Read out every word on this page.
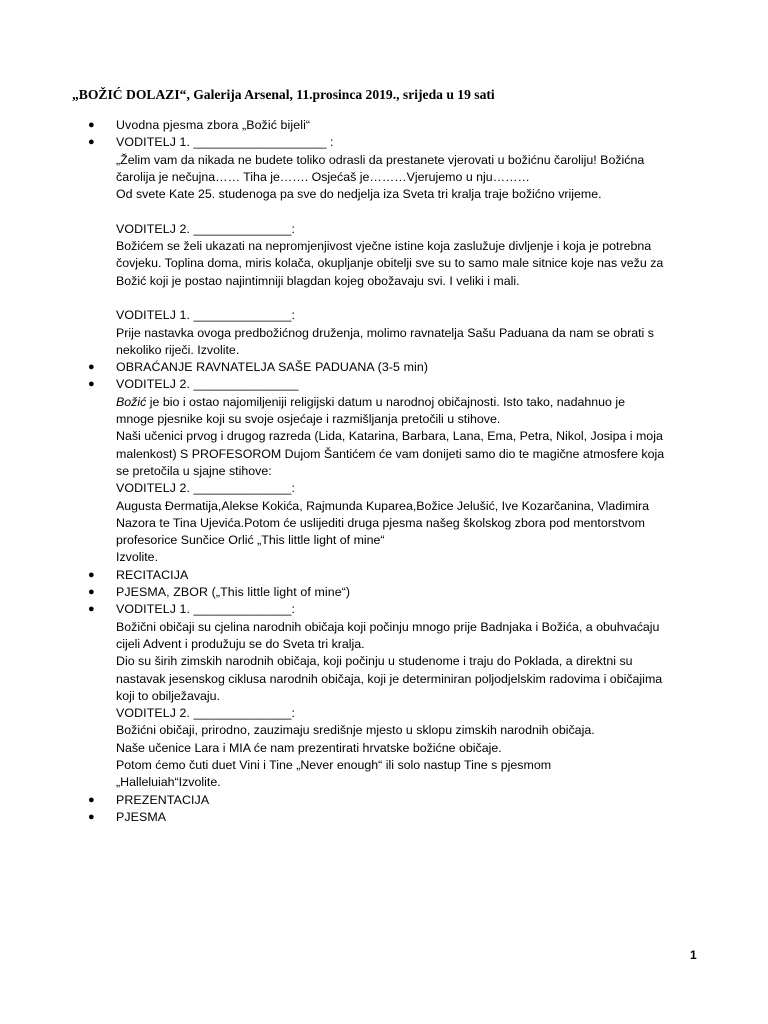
„BOŽIĆ DOLAZI“, Galerija Arsenal, 11.prosinca 2019., srijeda u 19 sati
● Uvodna pjesma zbora „Božić bijeli“
● VODITELJ 1. ___________________ :
„Želim vam da nikada ne budete toliko odrasli da prestanete vjerovati u božićnu čaroliju! Božićna
čarolija je nečujna…… Tiha je……. Osjećaš je………Vjerujemo u nju………
Od svete Kate 25. studenoga pa sve do nedjelja iza Sveta tri kralja traje božićno vrijeme.
VODITELJ 2. ______________:
Božićem se želi ukazati na nepromjenjivost vječne istine koja zaslužuje divljenje i koja je potrebna
čovjeku. Toplina doma, miris kolača, okupljanje obitelji sve su to samo male sitnice koje nas vežu za
Božić koji je postao najintimniji blagdan kojeg obožavaju svi. I veliki i mali.
VODITELJ 1. ______________:
Prije nastavka ovoga predbožićnog druženja, molimo ravnatelja Sašu Paduana da nam se obrati s
nekoliko riječi. Izvolite.
● OBRAĆANJE RAVNATELJA SAŠE PADUANA (3-5 min)
● VODITELJ 2. _______________
Božić je bio i ostao najomiljeniji religijski datum u narodnoj običajnosti. Isto tako, nadahnuo je
mnoge pjesnike koji su svoje osjećaje i razmišljanja pretočili u stihove.
Naši učenici prvog i drugog razreda (Lida, Katarina, Barbara, Lana, Ema, Petra, Nikol, Josipa i moja
malenkost) S PROFESOROM Dujom Šantićem će vam donijeti samo dio te magične atmosfere koja
se pretočila u sjajne stihove:
VODITELJ 2. ______________:
Augusta Đermatija,Alekse Kokića, Rajmunda Kuparea,Božice Jelušić, Ive Kozarčanina, Vladimira
Nazora te Tina Ujevića.Potom će uslijediti druga pjesma našeg školskog zbora pod mentorstvom
profesorice Sunčice Orlić „This little light of mine“
Izvolite.
● RECITACIJA
● PJESMA, ZBOR („This little light of mine“)
● VODITELJ 1. ______________:
Božični običaji su cjelina narodnih običaja koji počinju mnogo prije Badnjaka i Božića, a obuhvaćaju
cijeli Advent i produžuju se do Sveta tri kralja.
Dio su širih zimskih narodnih običaja, koji počinju u studenome i traju do Poklada, a direktni su
nastavak jesenskog ciklusa narodnih običaja, koji je determiniran poljodjelskim radovima i običajima
koji to obilježavaju.
VODITELJ 2. ______________:
Božićni običaji, prirodno, zauzimaju središnje mjesto u sklopu zimskih narodnih običaja.
Naše učenice Lara i MIA će nam prezentirati hrvatske božićne običaje.
Potom ćemo čuti duet Vini i Tine „Never enough“ ili solo nastup Tine s pjesmom
„Halleluiah“Izvolite.
● PREZENTACIJA
● PJESMA
1
